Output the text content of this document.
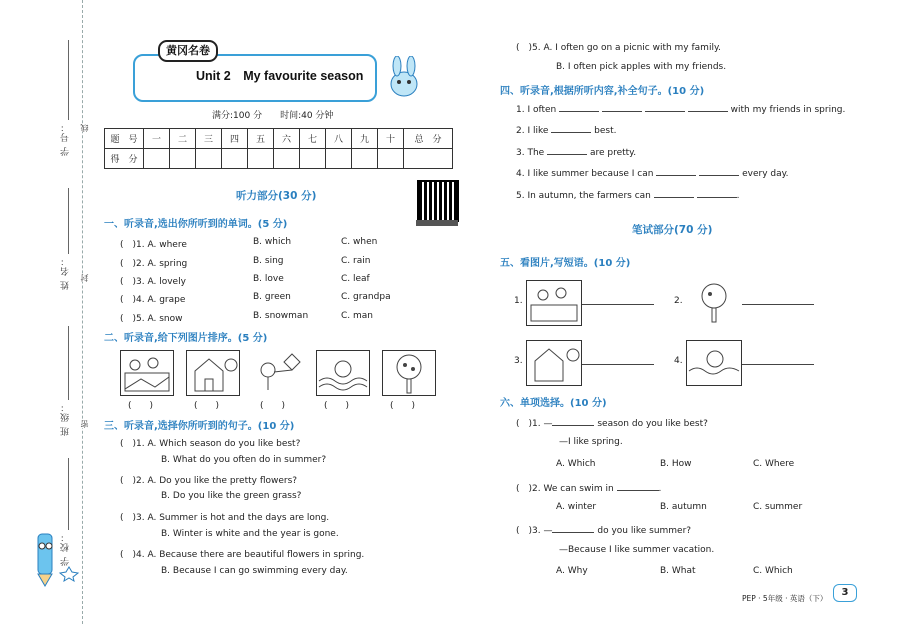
学 号：
姓 名：
班 级：
学 校：
线
封
密
黄冈名卷
Unit 2　My favourite season
满分:100 分　　时间:40 分钟
题　号	一	二	三	四	五	六	七	八	九	十	总　分
得　分											
听力部分(30 分)
一、听录音,选出你所听到的单词。(5 分)
(　)1. A. where	B. which	C. when
(　)2. A. spring	B. sing	C. rain
(　)3. A. lovely	B. love	C. leaf
(　)4. A. grape	B. green	C. grandpa
(　)5. A. snow	B. snowman	C. man
二、听录音,给下列图片排序。(5 分)
(　　)	(　　)	(　　)	(　　)	(　　)
三、听录音,选择你所听到的句子。(10 分)
(　)1. A. Which season do you like best?
B. What do you often do in summer?
(　)2. A. Do you like the pretty flowers?
B. Do you like the green grass?
(　)3. A. Summer is hot and the days are long.
B. Winter is white and the year is gone.
(　)4. A. Because there are beautiful flowers in spring.
B. Because I can go swimming every day.
(　)5. A. I often go on a picnic with my family.
B. I often pick apples with my friends.
四、听录音,根据所听内容,补全句子。(10 分)
1. I often	with my friends in spring.
2. I like	best.
3. The	are pretty.
4. I like summer because I can	every day.
5. In autumn, the farmers can	.
笔试部分(70 分)
五、看图片,写短语。(10 分)
1.	2.
3.	4.
六、单项选择。(10 分)
(　)1. —	season do you like best?
—I like spring.
A. Which	B. How	C. Where
(　)2. We can swim in	.
A. winter	B. autumn	C. summer
(　)3. —	do you like summer?
—Because I like summer vacation.
A. Why	B. What	C. Which
PEP · 5年级 · 英语（下）
3
